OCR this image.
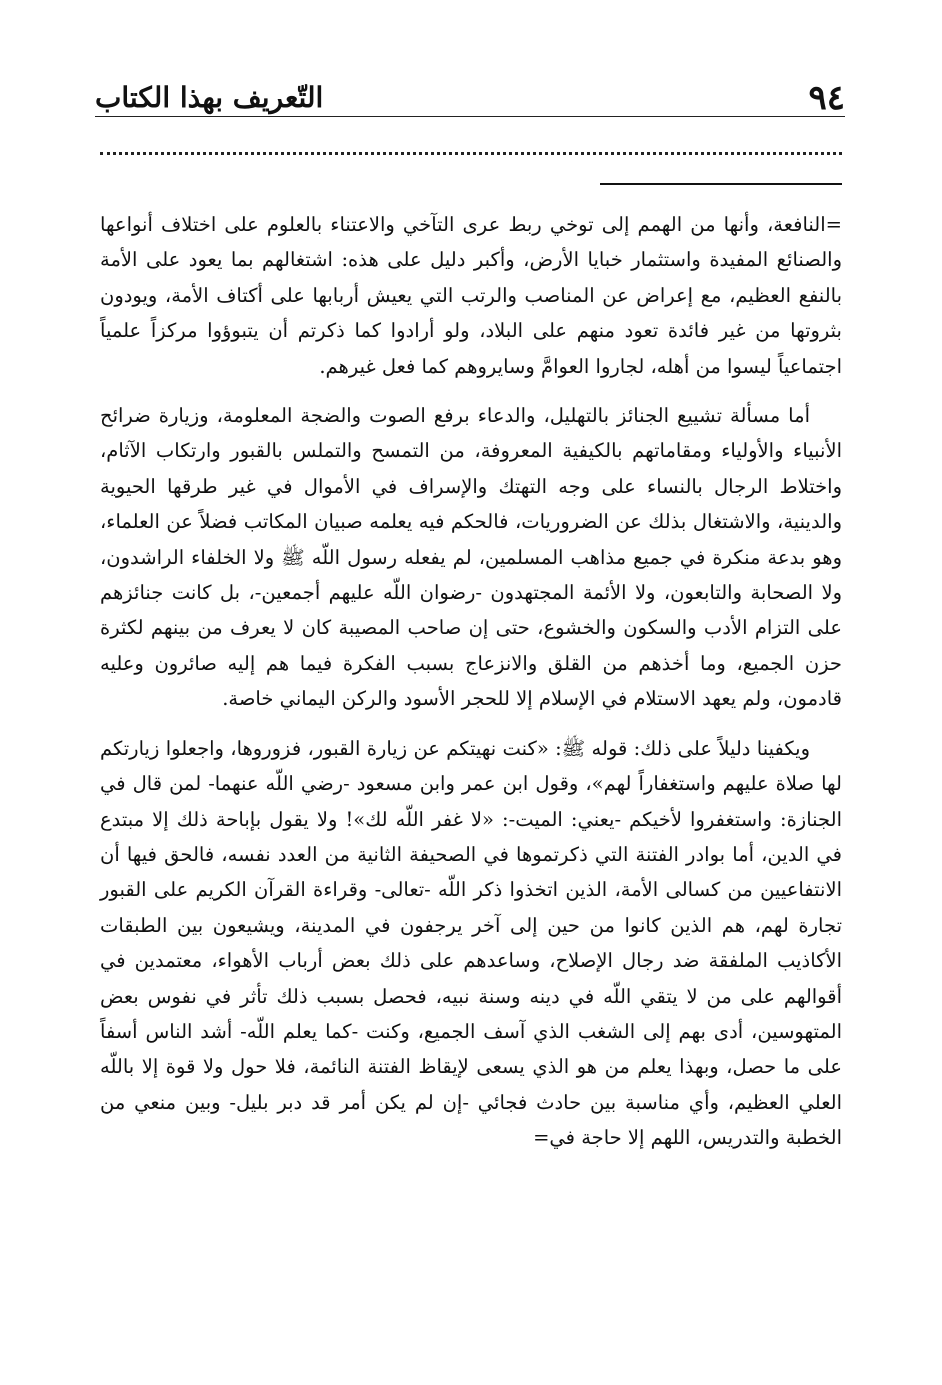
٩٤
التّعريف بهذا الكتاب

=النافعة، وأنها من الهمم إلى توخي ربط عرى التآخي والاعتناء بالعلوم على اختلاف أنواعها والصنائع المفيدة واستثمار خبايا الأرض، وأكبر دليل على هذه: اشتغالهم بما يعود على الأمة بالنفع العظيم، مع إعراض عن المناصب والرتب التي يعيش أربابها على أكتاف الأمة، ويودون بثروتها من غير فائدة تعود منهم على البلاد، ولو أرادوا كما ذكرتم أن يتبوؤوا مركزاً علمياً اجتماعياً ليسوا من أهله، لجاروا العوامَّ وسايروهم كما فعل غيرهم.

أما مسألة تشييع الجنائز بالتهليل، والدعاء برفع الصوت والضجة المعلومة، وزيارة ضرائح الأنبياء والأولياء ومقاماتهم بالكيفية المعروفة، من التمسح والتملس بالقبور وارتكاب الآثام، واختلاط الرجال بالنساء على وجه التهتك والإسراف في الأموال في غير طرقها الحيوية والدينية، والاشتغال بذلك عن الضروريات، فالحكم فيه يعلمه صبيان المكاتب فضلاً عن العلماء، وهو بدعة منكرة في جميع مذاهب المسلمين، لم يفعله رسول اللّه ﷺ ولا الخلفاء الراشدون، ولا الصحابة والتابعون، ولا الأئمة المجتهدون -رضوان اللّه عليهم أجمعين-، بل كانت جنائزهم على التزام الأدب والسكون والخشوع، حتى إن صاحب المصيبة كان لا يعرف من بينهم لكثرة حزن الجميع، وما أخذهم من القلق والانزعاج بسبب الفكرة فيما هم إليه صائرون وعليه قادمون، ولم يعهد الاستلام في الإسلام إلا للحجر الأسود والركن اليماني خاصة.

ويكفينا دليلاً على ذلك: قوله ﷺ: «كنت نهيتكم عن زيارة القبور، فزوروها، واجعلوا زيارتكم لها صلاة عليهم واستغفاراً لهم»، وقول ابن عمر وابن مسعود -رضي اللّه عنهما- لمن قال في الجنازة: واستغفروا لأخيكم -يعني: الميت-: «لا غفر اللّه لك»! ولا يقول بإباحة ذلك إلا مبتدع في الدين، أما بوادر الفتنة التي ذكرتموها في الصحيفة الثانية من العدد نفسه، فالحق فيها أن الانتفاعيين من كسالى الأمة، الذين اتخذوا ذكر اللّه -تعالى- وقراءة القرآن الكريم على القبور تجارة لهم، هم الذين كانوا من حين إلى آخر يرجفون في المدينة، ويشيعون بين الطبقات الأكاذيب الملفقة ضد رجال الإصلاح، وساعدهم على ذلك بعض أرباب الأهواء، معتمدين في أقوالهم على من لا يتقي اللّه في دينه وسنة نبيه، فحصل بسبب ذلك تأثر في نفوس بعض المتهوسين، أدى بهم إلى الشغب الذي آسف الجميع، وكنت -كما يعلم اللّه- أشد الناس أسفاً على ما حصل، وبهذا يعلم من هو الذي يسعى لإيقاظ الفتنة النائمة، فلا حول ولا قوة إلا باللّه العلي العظيم، وأي مناسبة بين حادث فجائي -إن لم يكن أمر قد دبر بليل- وبين منعي من الخطبة والتدريس، اللهم إلا حاجة في=
